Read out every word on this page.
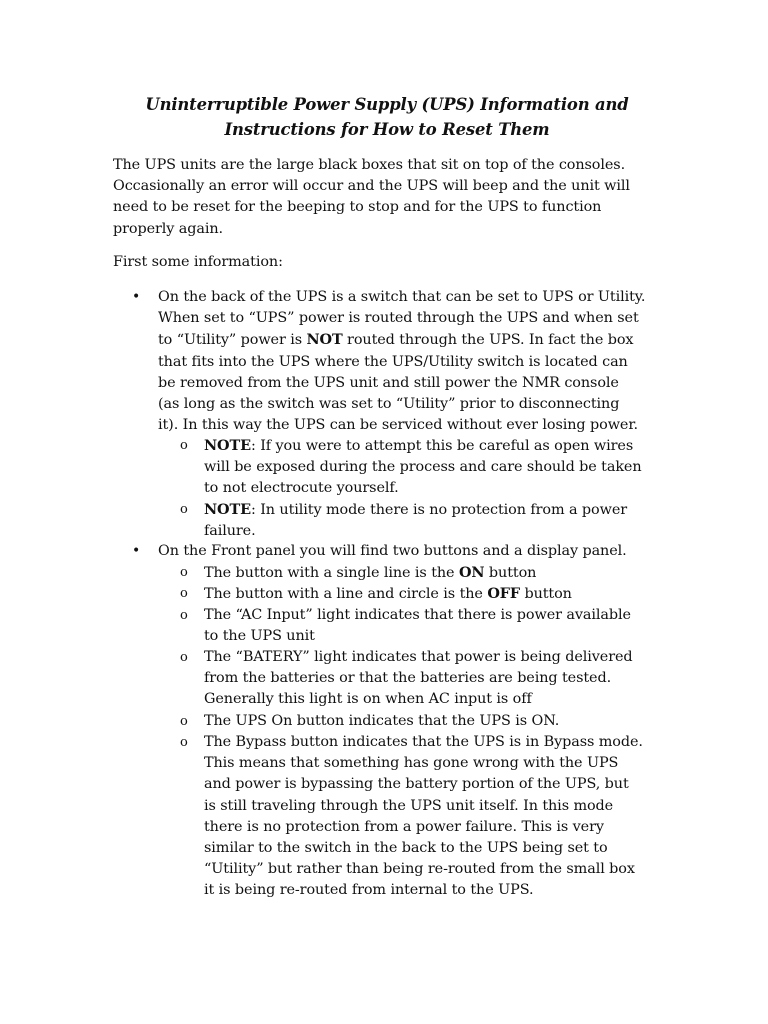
Uninterruptible Power Supply (UPS) Information and
Instructions for How to Reset Them

The UPS units are the large black boxes that sit on top of the consoles.
Occasionally an error will occur and the UPS will beep and the unit will
need to be reset for the beeping to stop and for the UPS to function
properly again.

First some information:

• On the back of the UPS is a switch that can be set to UPS or Utility.
When set to “UPS” power is routed through the UPS and when set
to “Utility” power is NOT routed through the UPS. In fact the box
that fits into the UPS where the UPS/Utility switch is located can
be removed from the UPS unit and still power the NMR console
(as long as the switch was set to “Utility” prior to disconnecting
it). In this way the UPS can be serviced without ever losing power.
o NOTE: If you were to attempt this be careful as open wires
will be exposed during the process and care should be taken
to not electrocute yourself.
o NOTE: In utility mode there is no protection from a power
failure.
• On the Front panel you will find two buttons and a display panel.
o The button with a single line is the ON button
o The button with a line and circle is the OFF button
o The “AC Input” light indicates that there is power available
to the UPS unit
o The “BATERY” light indicates that power is being delivered
from the batteries or that the batteries are being tested.
Generally this light is on when AC input is off
o The UPS On button indicates that the UPS is ON.
o The Bypass button indicates that the UPS is in Bypass mode.
This means that something has gone wrong with the UPS
and power is bypassing the battery portion of the UPS, but
is still traveling through the UPS unit itself. In this mode
there is no protection from a power failure. This is very
similar to the switch in the back to the UPS being set to
“Utility” but rather than being re-routed from the small box
it is being re-routed from internal to the UPS.
